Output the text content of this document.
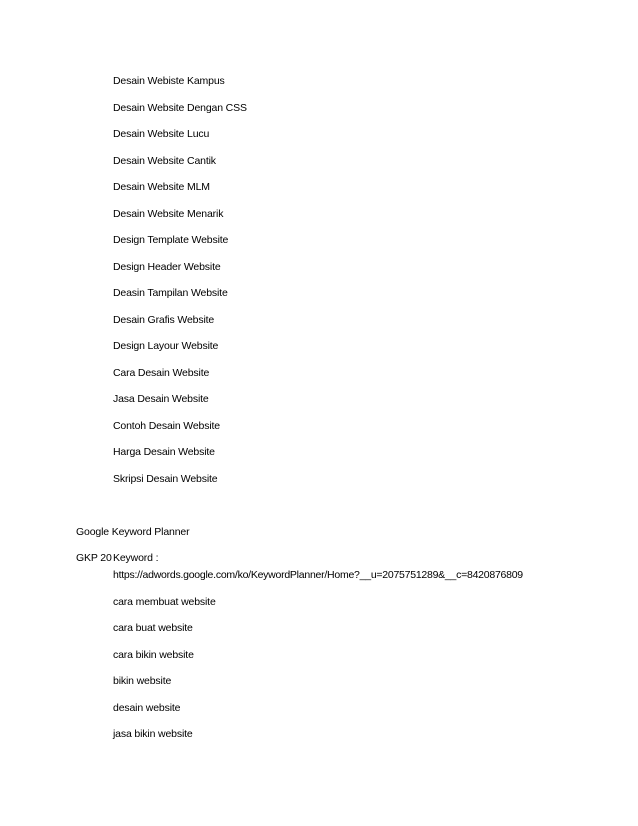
Desain Webiste Kampus
Desain Website Dengan CSS
Desain Website Lucu
Desain Website Cantik
Desain Website MLM
Desain Website Menarik
Design Template Website
Design Header Website
Deasin Tampilan Website
Desain Grafis Website
Design Layour Website
Cara Desain Website
Jasa Desain Website
Contoh Desain Website
Harga Desain Website
Skripsi Desain Website
Google Keyword Planner
GKP 20 Keyword :
https://adwords.google.com/ko/KeywordPlanner/Home?__u=2075751289&__c=8420876809
cara membuat website
cara buat website
cara bikin website
bikin website
desain website
jasa bikin website
